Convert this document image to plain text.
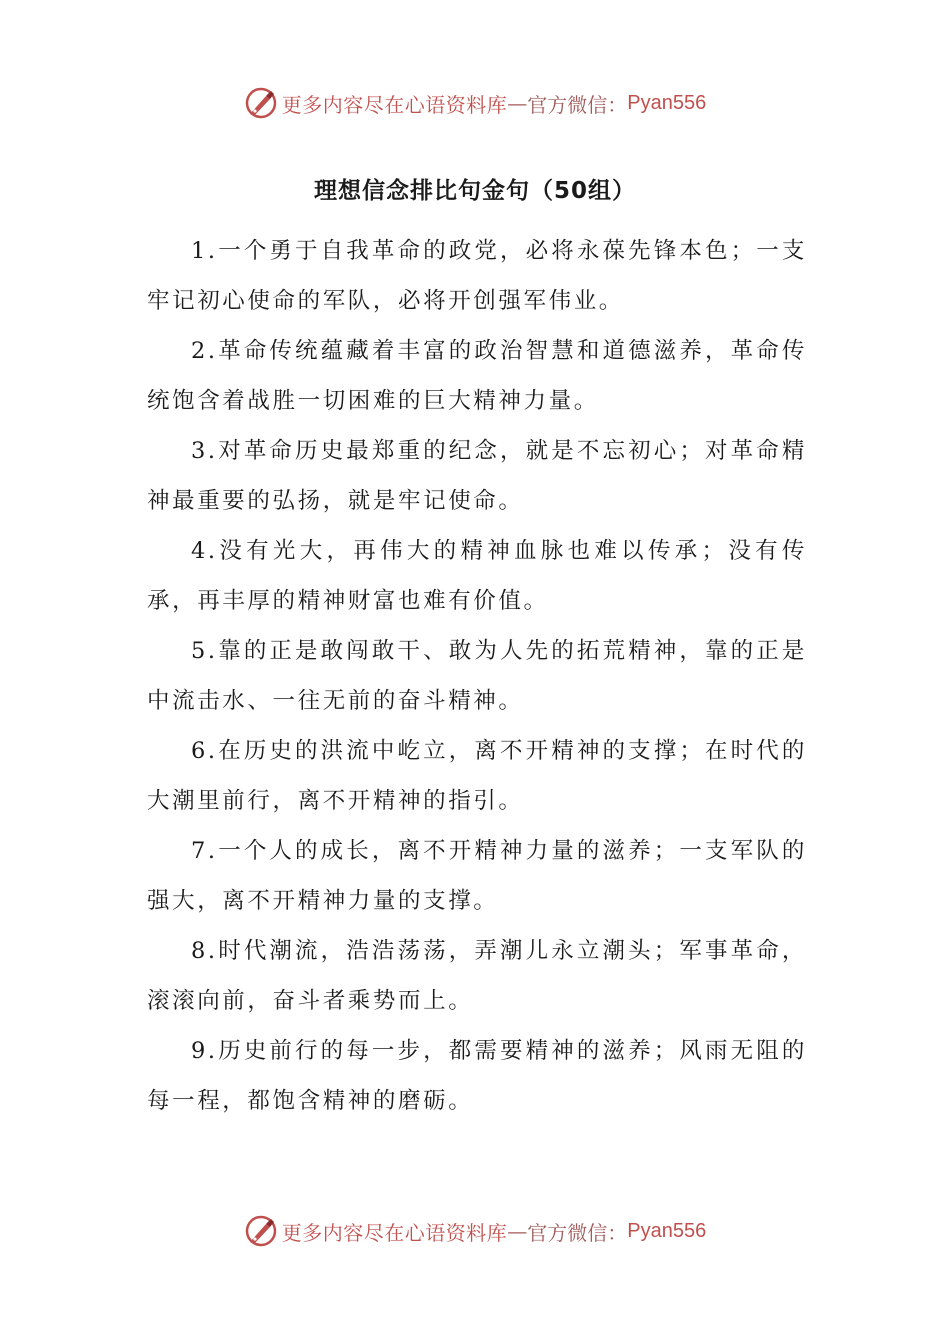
更多内容尽在心语资料库 — 官方微信： Pyan556
理想信念排比句金句（50组）

1.一个勇于自我革命的政党，必将永葆先锋本色；一支牢记初心使命的军队，必将开创强军伟业。

2.革命传统蕴藏着丰富的政治智慧和道德滋养，革命传统饱含着战胜一切困难的巨大精神力量。

3.对革命历史最郑重的纪念，就是不忘初心；对革命精神最重要的弘扬，就是牢记使命。

4.没有光大，再伟大的精神血脉也难以传承；没有传承，再丰厚的精神财富也难有价值。

5.靠的正是敢闯敢干、敢为人先的拓荒精神，靠的正是中流击水、一往无前的奋斗精神。

6.在历史的洪流中屹立，离不开精神的支撑；在时代的大潮里前行，离不开精神的指引。

7.一个人的成长，离不开精神力量的滋养；一支军队的强大，离不开精神力量的支撑。

8.时代潮流，浩浩荡荡，弄潮儿永立潮头；军事革命，滚滚向前，奋斗者乘势而上。

9.历史前行的每一步，都需要精神的滋养；风雨无阻的每一程，都饱含精神的磨砺。

更多内容尽在心语资料库 — 官方微信： Pyan556
